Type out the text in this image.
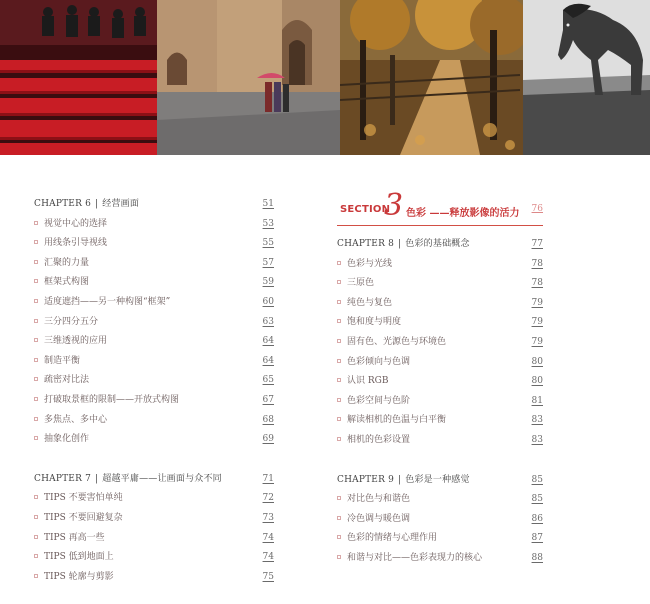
CHAPTER 6 | 经营画面	51
视觉中心的选择	53
用线条引导视线	55
汇聚的力量	57
框架式构图	59
适度遮挡——另一种构图“框架”	60
三分四分五分	63
三维透视的应用	64
制造平衡	64
疏密对比法	65
打破取景框的限制——开放式构图	67
多焦点、多中心	68
抽象化创作	69
CHAPTER 7 | 超越平庸——让画面与众不同	71
TIPS 不要害怕单纯	72
TIPS 不要回避复杂	73
TIPS 再高一些	74
TIPS 低到地面上	74
TIPS 轮廓与剪影	75
SECTION
3 色彩 ——释放影像的活力 76
CHAPTER 8 | 色彩的基础概念	77
色彩与光线	78
三原色	78
纯色与复色	79
饱和度与明度	79
固有色、光源色与环境色	79
色彩倾向与色调	80
认识 RGB	80
色彩空间与色阶	81
解读相机的色温与白平衡	83
相机的色彩设置	83
CHAPTER 9 | 色彩是一种感觉	85
对比色与和谐色	85
冷色调与暖色调	86
色彩的情绪与心理作用	87
和谐与对比——色彩表现力的核心	88
